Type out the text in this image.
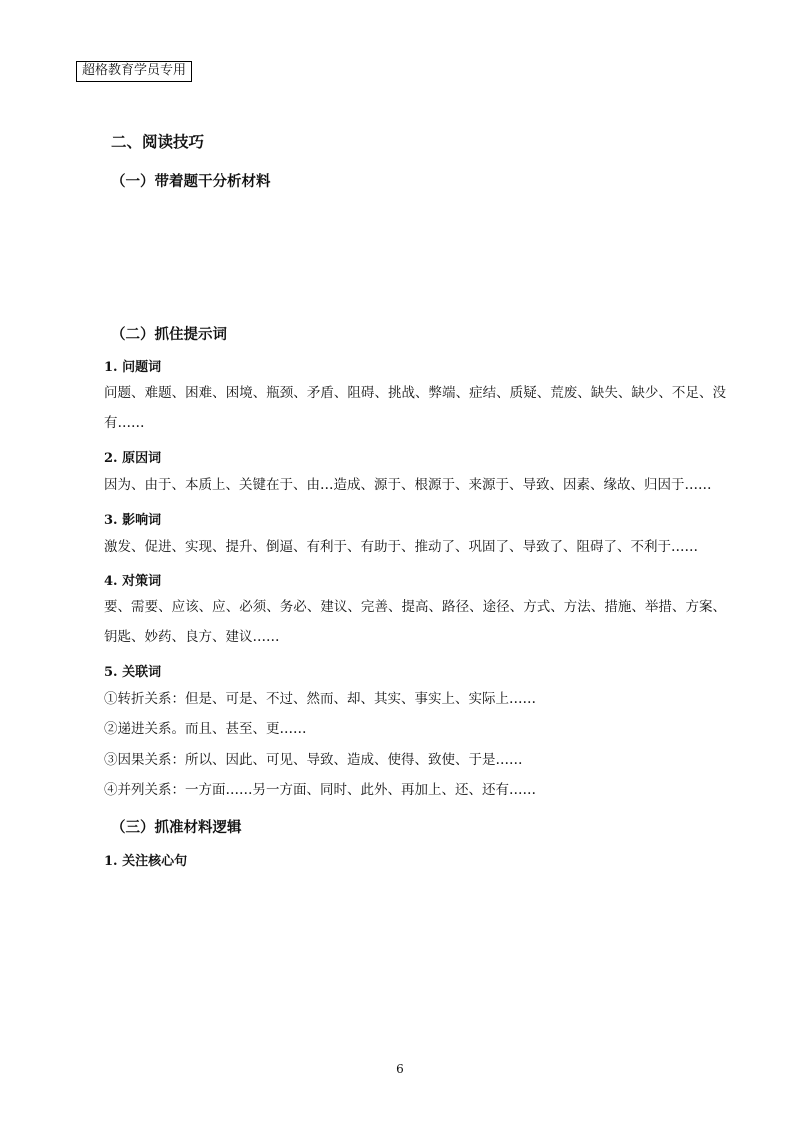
超格教育学员专用
二、阅读技巧
（一）带着题干分析材料
（二）抓住提示词
1. 问题词
问题、难题、困难、困境、瓶颈、矛盾、阻碍、挑战、弊端、症结、质疑、荒废、缺失、缺少、不足、没有……
2. 原因词
因为、由于、本质上、关键在于、由…造成、源于、根源于、来源于、导致、因素、缘故、归因于……
3. 影响词
激发、促进、实现、提升、倒逼、有利于、有助于、推动了、巩固了、导致了、阻碍了、不利于……
4. 对策词
要、需要、应该、应、必须、务必、建议、完善、提高、路径、途径、方式、方法、措施、举措、方案、钥匙、妙药、良方、建议……
5. 关联词
①转折关系：但是、可是、不过、然而、却、其实、事实上、实际上……
②递进关系。而且、甚至、更……
③因果关系：所以、因此、可见、导致、造成、使得、致使、于是……
④并列关系：一方面……另一方面、同时、此外、再加上、还、还有……
（三）抓准材料逻辑
1. 关注核心句
6
